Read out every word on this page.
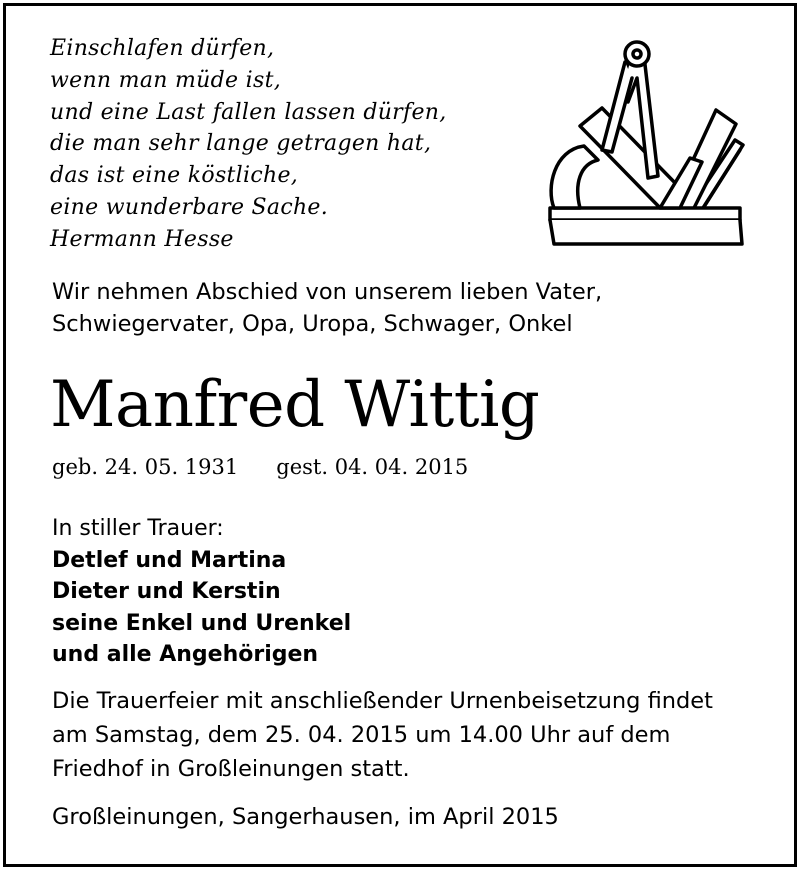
Einschlafen dürfen,
wenn man müde ist,
und eine Last fallen lassen dürfen,
die man sehr lange getragen hat,
das ist eine köstliche,
eine wunderbare Sache.
Hermann Hesse
Wir nehmen Abschied von unserem lieben Vater,
Schwiegervater, Opa, Uropa, Schwager, Onkel
Manfred Wittig
geb. 24. 05. 1931 gest. 04. 04. 2015
In stiller Trauer:
Detlef und Martina
Dieter und Kerstin
seine Enkel und Urenkel
und alle Angehörigen
Die Trauerfeier mit anschließender Urnenbeisetzung findet
am Samstag, dem 25. 04. 2015 um 14.00 Uhr auf dem
Friedhof in Großleinungen statt.
Großleinungen, Sangerhausen, im April 2015
